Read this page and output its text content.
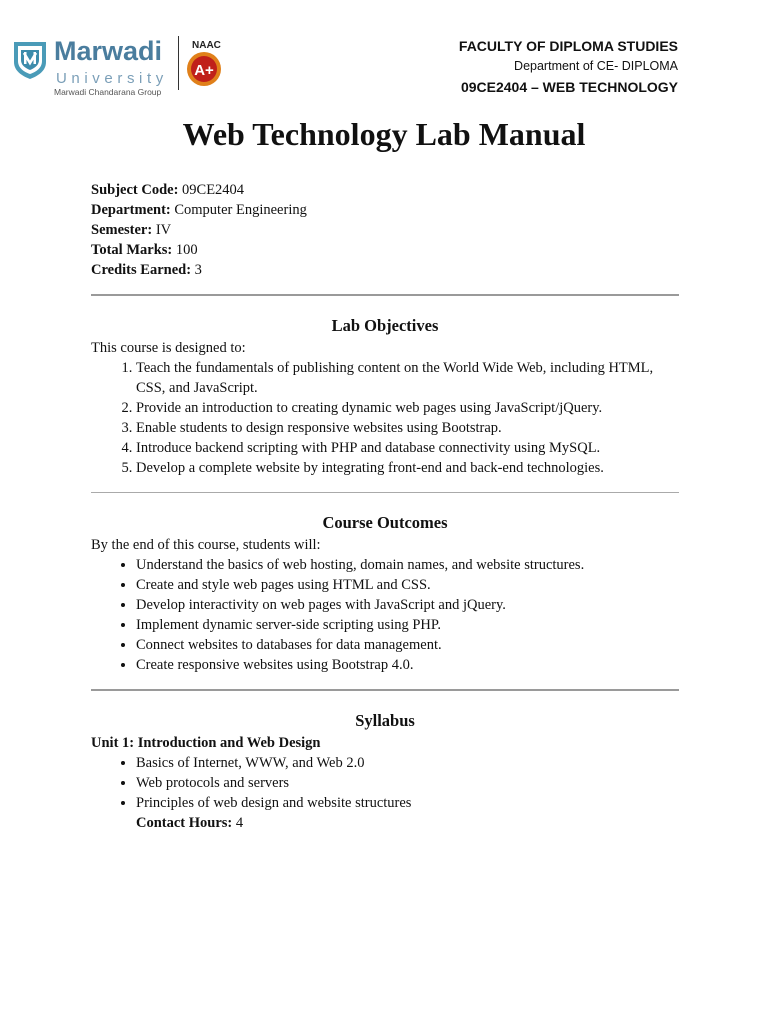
Marwadi
University
Marwadi Chandarana Group
NAAC
A+
FACULTY OF DIPLOMA STUDIES
Department of CE- DIPLOMA
09CE2404 – WEB TECHNOLOGY
Web Technology Lab Manual

Subject Code: 09CE2404

Department: Computer Engineering

Semester: IV

Total Marks: 100

Credits Earned: 3

Lab Objectives

This course is designed to:

1. Teach the fundamentals of publishing content on the World Wide Web, including HTML, CSS, and JavaScript.
2. Provide an introduction to creating dynamic web pages using JavaScript/jQuery.
3. Enable students to design responsive websites using Bootstrap.
4. Introduce backend scripting with PHP and database connectivity using MySQL.
5. Develop a complete website by integrating front-end and back-end technologies.
Course Outcomes

By the end of this course, students will:

• Understand the basics of web hosting, domain names, and website structures.
• Create and style web pages using HTML and CSS.
• Develop interactivity on web pages with JavaScript and jQuery.
• Implement dynamic server-side scripting using PHP.
• Connect websites to databases for data management.
• Create responsive websites using Bootstrap 4.0.
Syllabus

Unit 1: Introduction and Web Design

• Basics of Internet, WWW, and Web 2.0
• Web protocols and servers
• Principles of web design and website structures

Contact Hours: 4
